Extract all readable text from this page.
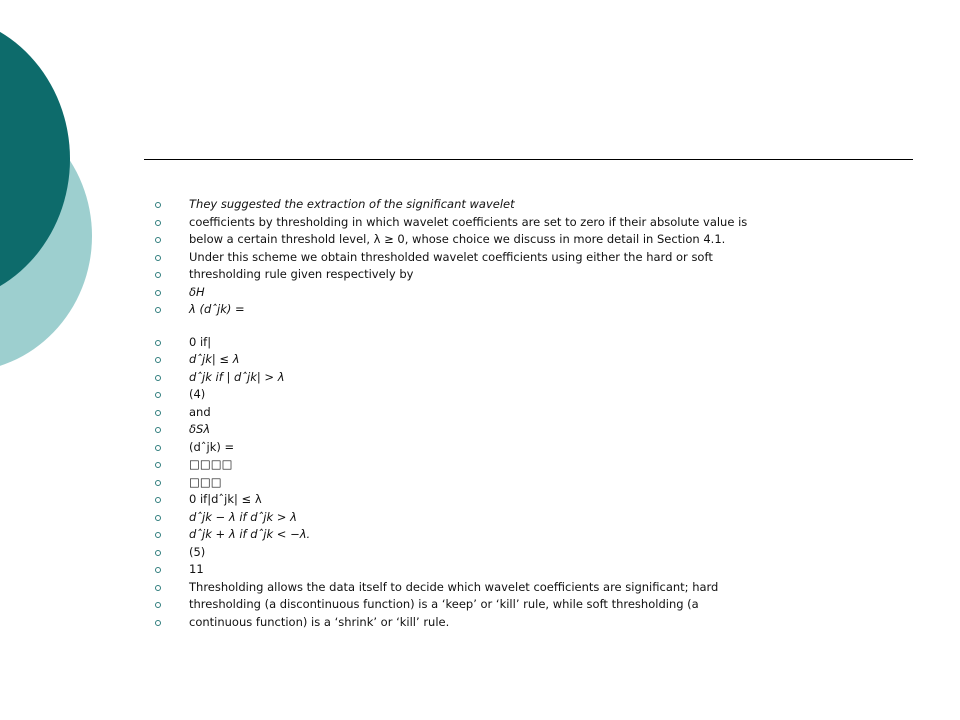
They suggested the extraction of the significant wavelet
coefficients by thresholding in which wavelet coefficients are set to zero if their absolute value is
below a certain threshold level, λ ≥ 0, whose choice we discuss in more detail in Section 4.1.
Under this scheme we obtain thresholded wavelet coefficients using either the hard or soft
thresholding rule given respectively by
δH
λ (dˆjk) =
0 if|
dˆjk| ≤ λ
dˆjk if | dˆjk| > λ
(4)
and
δSλ
(dˆjk) =
□□□□
□□□
0 if|dˆjk| ≤ λ
dˆjk − λ if dˆjk > λ
dˆjk + λ if dˆjk < −λ.
(5)
11
Thresholding allows the data itself to decide which wavelet coefficients are significant; hard
thresholding (a discontinuous function) is a ‘keep’ or ‘kill’ rule, while soft thresholding (a
continuous function) is a ‘shrink’ or ‘kill’ rule.
